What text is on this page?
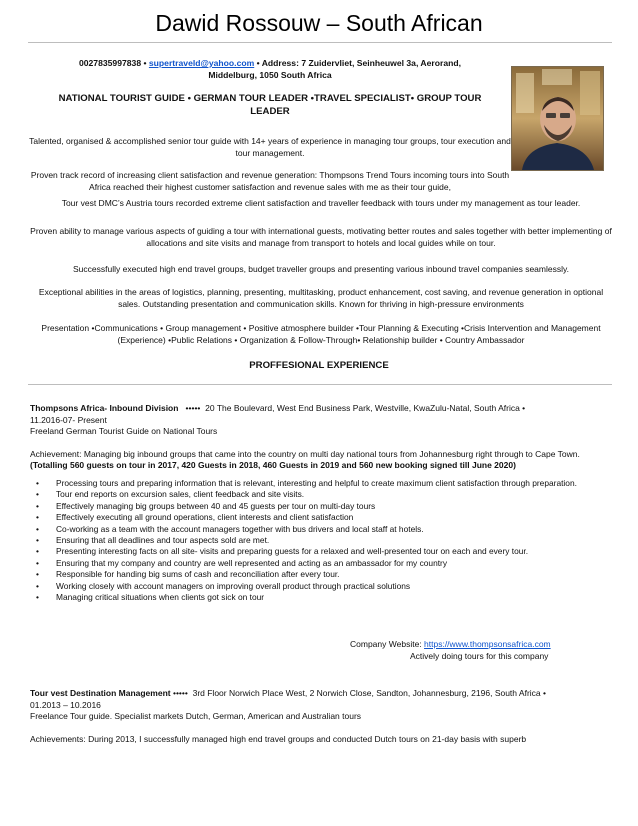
Dawid Rossouw – South African
0027835997838 • supertraveld@yahoo.com • Address: 7 Zuidervliet, Seinheuwel 3a, Aerorand,
Middelburg, 1050 South Africa
NATIONAL TOURIST GUIDE • GERMAN TOUR LEADER •TRAVEL SPECIALIST• GROUP TOUR
LEADER
Talented, organised & accomplished senior tour guide with 14+ years of experience in managing tour groups, tour execution and tour management.
Proven track record of increasing client satisfaction and revenue generation: Thompsons Trend Tours incoming tours into South Africa reached their highest customer satisfaction and revenue sales with me as their tour guide,
Tour vest DMC’s Austria tours recorded extreme client satisfaction and traveller feedback with tours under my management as tour leader.
Proven ability to manage various aspects of guiding a tour with international guests, motivating better routes and sales together with better implementing of allocations and site visits and manage from transport to hotels and local guides while on tour.
Successfully executed high end travel groups, budget traveller groups and presenting various inbound travel companies seamlessly.
Exceptional abilities in the areas of logistics, planning, presenting, multitasking, product enhancement, cost saving, and revenue generation in optional sales. Outstanding presentation and communication skills. Known for thriving in high-pressure environments
Presentation •Communications • Group management • Positive atmosphere builder •Tour Planning & Executing •Crisis Intervention and Management (Experience) •Public Relations • Organization & Follow-Through• Relationship builder • Country Ambassador
PROFFESIONAL EXPERIENCE
Thompsons Africa- Inbound Division ••••• 20 The Boulevard, West End Business Park, Westville, KwaZulu-Natal, South Africa •
11.2016-07- Present
Freeland German Tourist Guide on National Tours
Achievement: Managing big inbound groups that came into the country on multi day national tours from Johannesburg right through to Cape Town. (Totalling 560 guests on tour in 2017, 420 Guests in 2018, 460 Guests in 2019 and 560 new booking signed till June 2020)
• Processing tours and preparing information that is relevant, interesting and helpful to create maximum client satisfaction through preparation.
• Tour end reports on excursion sales, client feedback and site visits.
• Effectively managing big groups between 40 and 45 guests per tour on multi-day tours
• Effectively executing all ground operations, client interests and client satisfaction
• Co-working as a team with the account managers together with bus drivers and local staff at hotels.
• Ensuring that all deadlines and tour aspects sold are met.
• Presenting interesting facts on all site- visits and preparing guests for a relaxed and well-presented tour on each and every tour.
• Ensuring that my company and country are well represented and acting as an ambassador for my country
• Responsible for handing big sums of cash and reconciliation after every tour.
• Working closely with account managers on improving overall product through practical solutions
• Managing critical situations when clients got sick on tour
Company Website: https://www.thompsonsafrica.com
Actively doing tours for this company
Tour vest Destination Management ••••• 3rd Floor Norwich Place West, 2 Norwich Close, Sandton, Johannesburg, 2196, South Africa •
01.2013 – 10.2016
Freelance Tour guide. Specialist markets Dutch, German, American and Australian tours
Achievements: During 2013, I successfully managed high end travel groups and conducted Dutch tours on 21-day basis with superb
